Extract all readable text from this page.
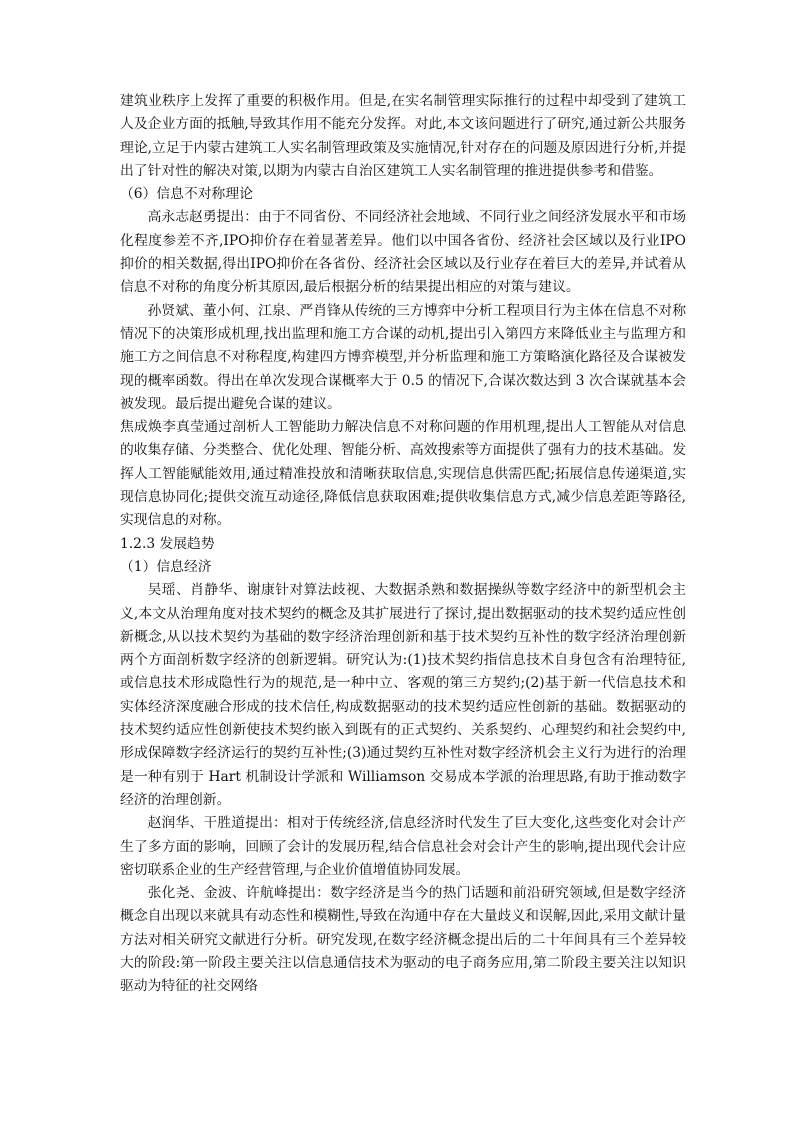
建筑业秩序上发挥了重要的积极作用。但是,在实名制管理实际推行的过程中却受到了建筑工人及企业方面的抵触,导致其作用不能充分发挥。对此,本文该问题进行了研究,通过新公共服务理论,立足于内蒙古建筑工人实名制管理政策及实施情况,针对存在的问题及原因进行分析,并提出了针对性的解决对策,以期为内蒙古自治区建筑工人实名制管理的推进提供参考和借鉴。

（6）信息不对称理论

高永志赵勇提出：由于不同省份、不同经济社会地域、不同行业之间经济发展水平和市场化程度参差不齐,IPO抑价存在着显著差异。他们以中国各省份、经济社会区域以及行业IPO抑价的相关数据,得出IPO抑价在各省份、经济社会区域以及行业存在着巨大的差异,并试着从信息不对称的角度分析其原因,最后根据分析的结果提出相应的对策与建议。

孙贤斌、董小何、江泉、严肖锋从传统的三方博弈中分析工程项目行为主体在信息不对称情况下的决策形成机理,找出监理和施工方合谋的动机,提出引入第四方来降低业主与监理方和施工方之间信息不对称程度,构建四方博弈模型,并分析监理和施工方策略演化路径及合谋被发现的概率函数。得出在单次发现合谋概率大于 0.5 的情况下,合谋次数达到 3 次合谋就基本会被发现。最后提出避免合谋的建议。

焦成焕李真莹通过剖析人工智能助力解决信息不对称问题的作用机理,提出人工智能从对信息的收集存储、分类整合、优化处理、智能分析、高效搜索等方面提供了强有力的技术基础。发挥人工智能赋能效用,通过精准投放和清晰获取信息,实现信息供需匹配;拓展信息传递渠道,实现信息协同化;提供交流互动途径,降低信息获取困难;提供收集信息方式,减少信息差距等路径,实现信息的对称。

1.2.3 发展趋势

（1）信息经济

吴瑶、肖静华、谢康针对算法歧视、大数据杀熟和数据操纵等数字经济中的新型机会主义,本文从治理角度对技术契约的概念及其扩展进行了探讨,提出数据驱动的技术契约适应性创新概念,从以技术契约为基础的数字经济治理创新和基于技术契约互补性的数字经济治理创新两个方面剖析数字经济的创新逻辑。研究认为:(1)技术契约指信息技术自身包含有治理特征,或信息技术形成隐性行为的规范,是一种中立、客观的第三方契约;(2)基于新一代信息技术和实体经济深度融合形成的技术信任,构成数据驱动的技术契约适应性创新的基础。数据驱动的技术契约适应性创新使技术契约嵌入到既有的正式契约、关系契约、心理契约和社会契约中,形成保障数字经济运行的契约互补性;(3)通过契约互补性对数字经济机会主义行为进行的治理是一种有别于 Hart 机制设计学派和 Williamson 交易成本学派的治理思路,有助于推动数字经济的治理创新。

赵润华、干胜道提出：相对于传统经济,信息经济时代发生了巨大变化,这些变化对会计产生了多方面的影响，回顾了会计的发展历程,结合信息社会对会计产生的影响,提出现代会计应密切联系企业的生产经营管理,与企业价值增值协同发展。

张化尧、金波、许航峰提出：数字经济是当今的热门话题和前沿研究领域,但是数字经济概念自出现以来就具有动态性和模糊性,导致在沟通中存在大量歧义和误解,因此,采用文献计量方法对相关研究文献进行分析。研究发现,在数字经济概念提出后的二十年间具有三个差异较大的阶段:第一阶段主要关注以信息通信技术为驱动的电子商务应用,第二阶段主要关注以知识驱动为特征的社交网络
